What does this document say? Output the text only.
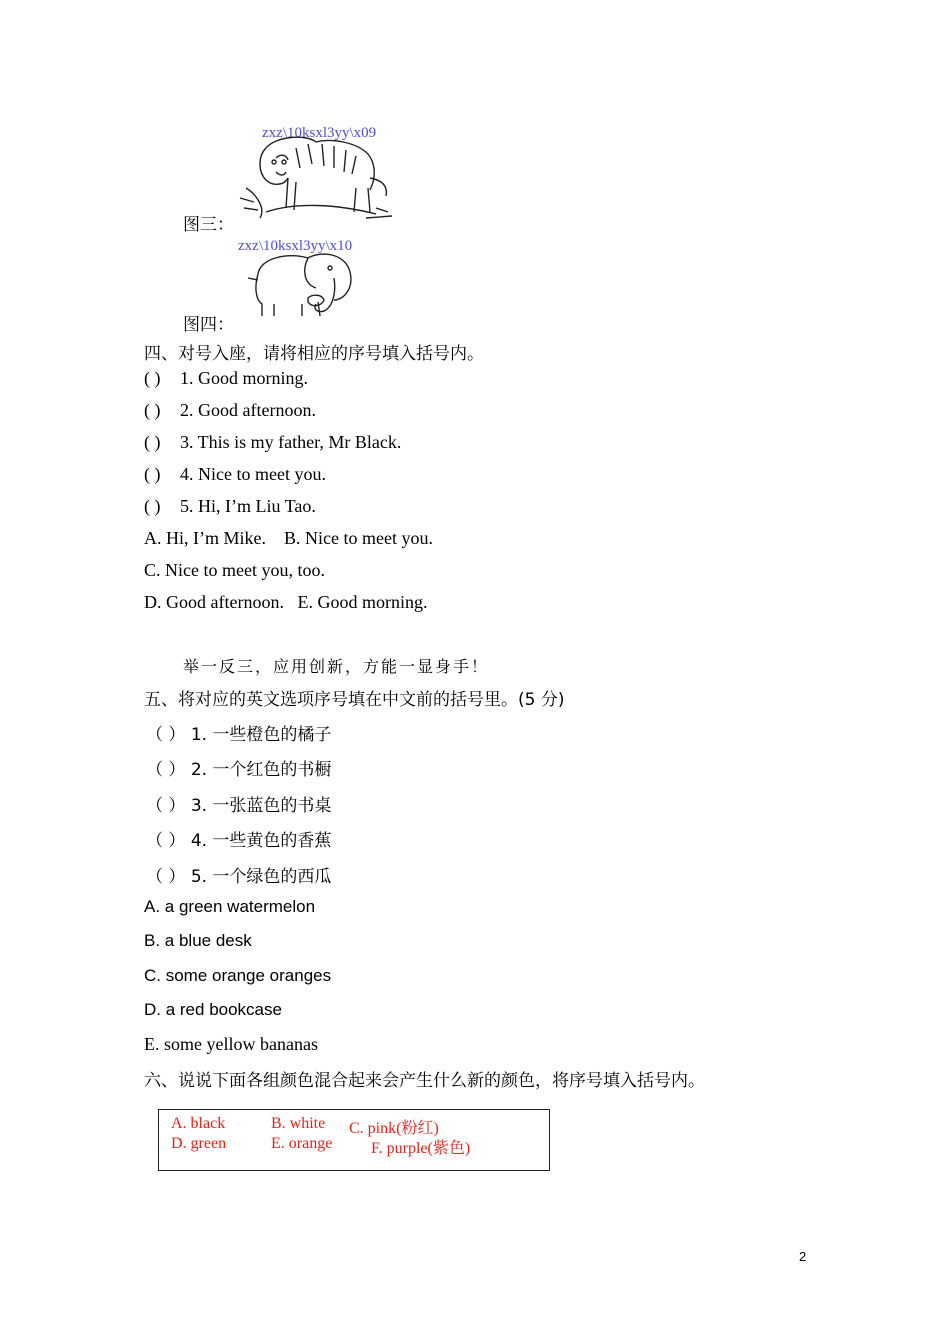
zxz\10ksxl3yy\x09
图三：
zxz\10ksxl3yy\x10
图四：
四、对号入座，请将相应的序号填入括号内。
( ) 1. Good morning.
( ) 2. Good afternoon.
( ) 3. This is my father, Mr Black.
( ) 4. Nice to meet you.
( ) 5. Hi, I’m Liu Tao.
A. Hi, I’m Mike.    B. Nice to meet you.
C. Nice to meet you, too.
D. Good afternoon.   E. Good morning.
举一反三，应用创新，方能一显身手！
五、将对应的英文选项序号填在中文前的括号里。(5 分)
（ ） 1. 一些橙色的橘子
（ ） 2. 一个红色的书橱
（ ） 3. 一张蓝色的书桌
（ ） 4. 一些黄色的香蕉
（ ） 5. 一个绿色的西瓜
A. a green watermelon
B. a blue desk
C. some orange oranges
D. a red bookcase
E. some yellow bananas
六、说说下面各组颜色混合起来会产生什么新的颜色，将序号填入括号内。
A. black	B. white C. pink(粉红)
D. green	E. orange F. purple(紫色)
2
